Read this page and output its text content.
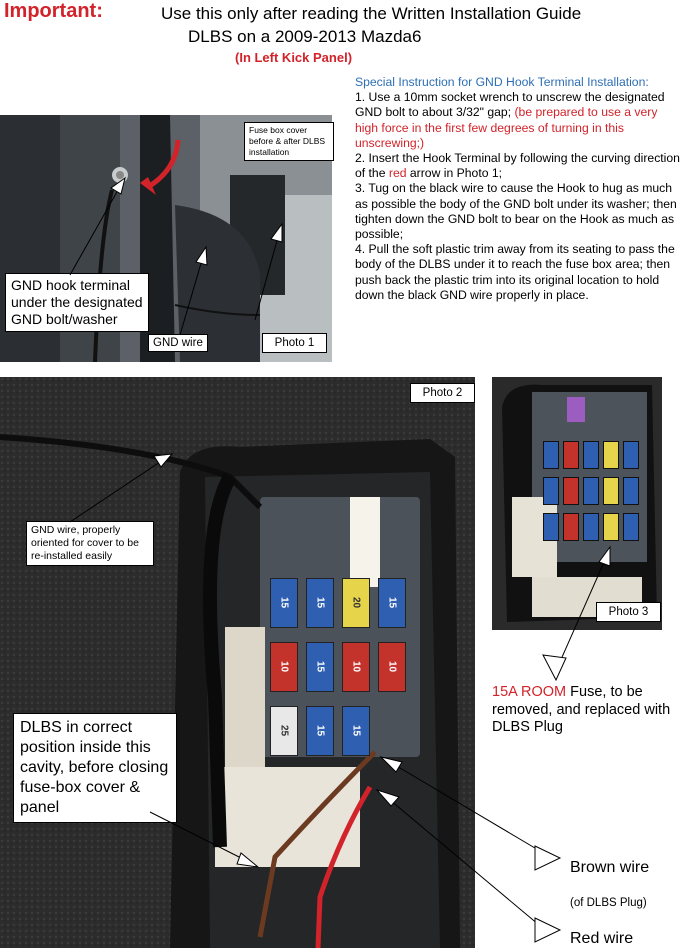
Important:	Use this only after reading the Written Installation Guide
DLBS on a 2009-2013 Mazda6
(In Left Kick Panel)
Special Instruction for GND Hook Terminal Installation:
1. Use a 10mm socket wrench to unscrew the designated GND bolt to about 3/32" gap; (be prepared to use a very high force in the first few degrees of turning in this unscrewing;)
2. Insert the Hook Terminal by following the curving direction of the red arrow in Photo 1;
3. Tug on the black wire to cause the Hook to hug as much as possible the body of the GND bolt under its washer; then tighten down the GND bolt to bear on the Hook as much as possible;
4. Pull the soft plastic trim away from its seating to pass the body of the DLBS under it to reach the fuse box area; then push back the plastic trim into its original location to hold down the black GND wire properly in place.
Fuse box cover before & after DLBS installation
GND hook terminal under the designated GND bolt/washer
GND wire	Photo 1
15	15	20	15
10	15	10	10
25	15	15
Photo 2
GND wire, properly oriented for cover to be re-installed easily
DLBS in correct position inside this cavity, before closing fuse-box cover & panel
Photo 3
15A ROOM Fuse, to be removed, and replaced with DLBS Plug
Brown wire
(of DLBS Plug)
Red wire
